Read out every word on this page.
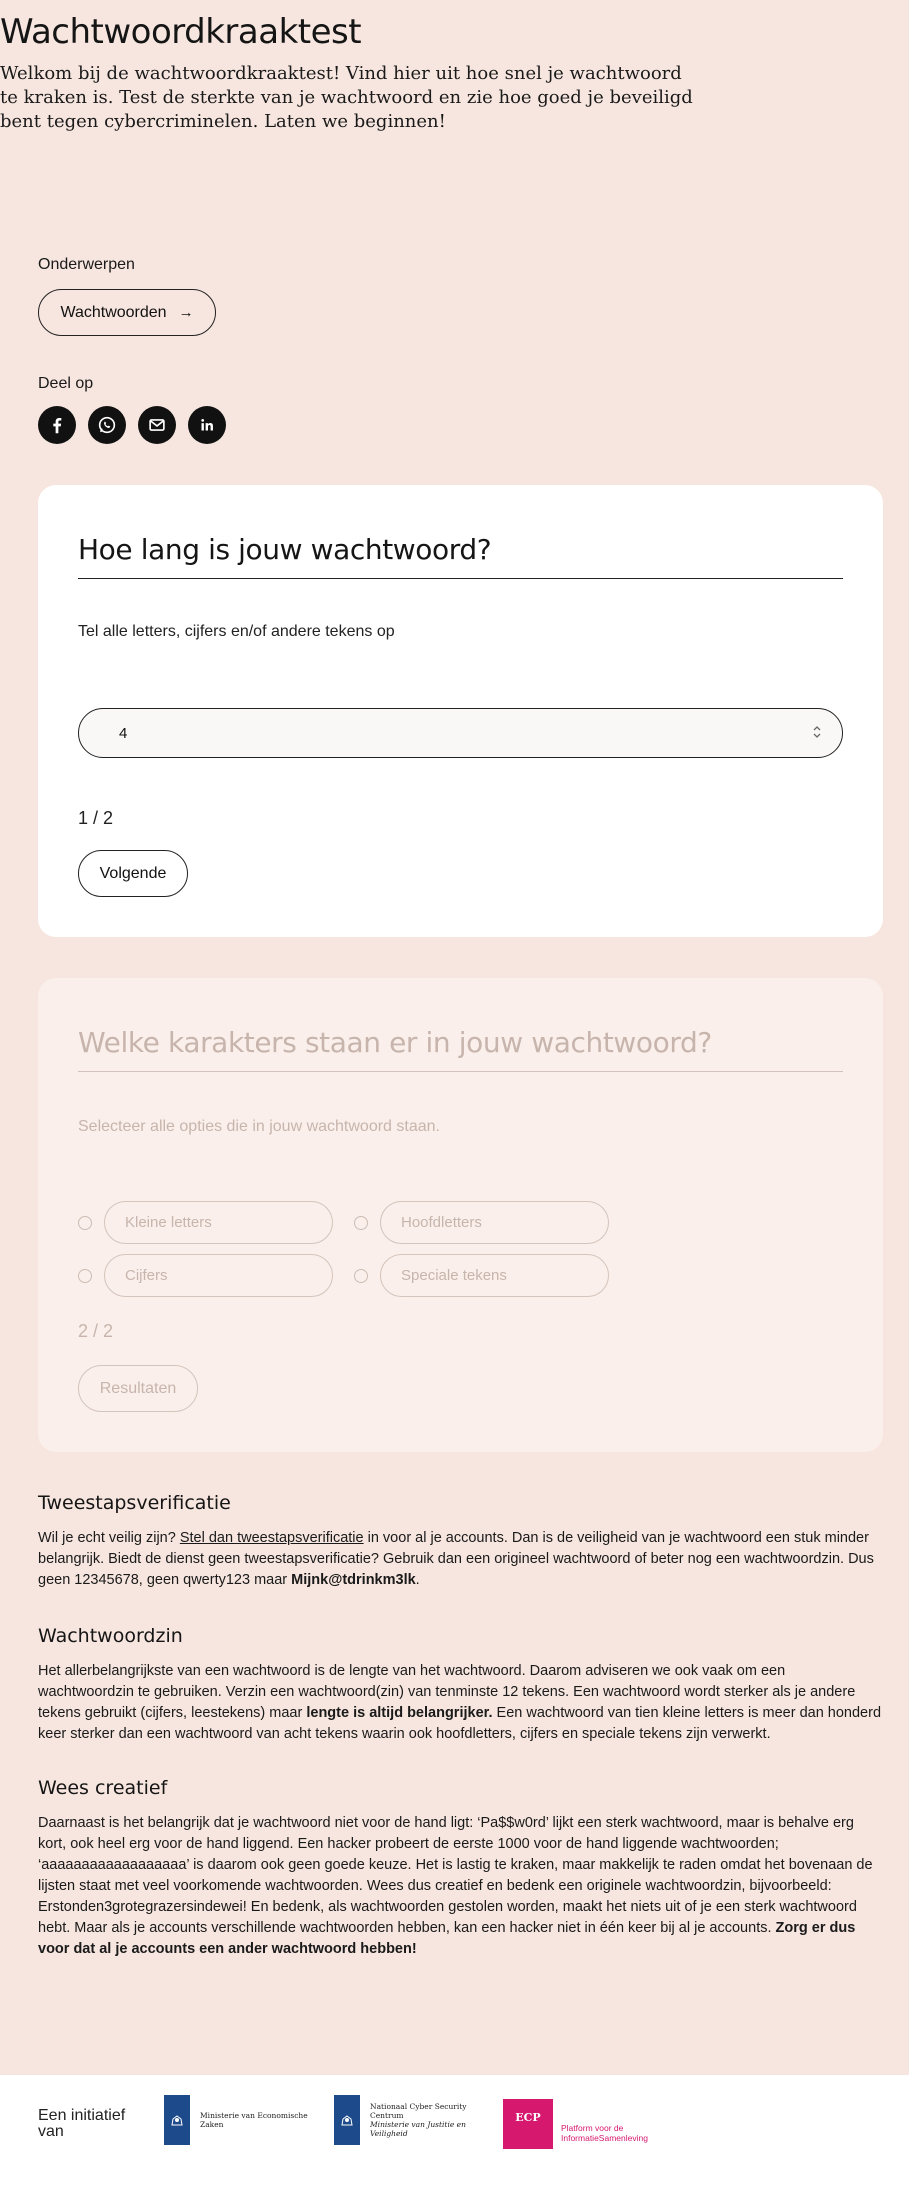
Wachtwoordkraaktest

Welkom bij de wachtwoordkraaktest! Vind hier uit hoe snel je wachtwoord te kraken is. Test de sterkte van je wachtwoord en zie hoe goed je beveiligd bent tegen cybercriminelen. Laten we beginnen!

Onderwerpen
Wachtwoorden →
Deel op
Hoe lang is jouw wachtwoord?

Tel alle letters, cijfers en/of andere tekens op

4
1 / 2
Volgende
Welke karakters staan er in jouw wachtwoord?

Selecteer alle opties die in jouw wachtwoord staan.

Kleine letters	Hoofdletters
Cijfers	Speciale tekens
2 / 2
Resultaten
Tweestapsverificatie

Wil je echt veilig zijn? Stel dan tweestapsverificatie in voor al je accounts. Dan is de veiligheid van je wachtwoord een stuk minder belangrijk. Biedt de dienst geen tweestapsverificatie? Gebruik dan een origineel wachtwoord of beter nog een wachtwoordzin. Dus geen 12345678, geen qwerty123 maar Mijnk@tdrinkm3lk.

Wachtwoordzin

Het allerbelangrijkste van een wachtwoord is de lengte van het wachtwoord. Daarom adviseren we ook vaak om een wachtwoordzin te gebruiken. Verzin een wachtwoord(zin) van tenminste 12 tekens. Een wachtwoord wordt sterker als je andere tekens gebruikt (cijfers, leestekens) maar lengte is altijd belangrijker. Een wachtwoord van tien kleine letters is meer dan honderd keer sterker dan een wachtwoord van acht tekens waarin ook hoofdletters, cijfers en speciale tekens zijn verwerkt.

Wees creatief

Daarnaast is het belangrijk dat je wachtwoord niet voor de hand ligt: ‘Pa$$w0rd’ lijkt een sterk wachtwoord, maar is behalve erg kort, ook heel erg voor de hand liggend. Een hacker probeert de eerste 1000 voor de hand liggende wachtwoorden; ‘aaaaaaaaaaaaaaaaaa’ is daarom ook geen goede keuze. Het is lastig te kraken, maar makkelijk te raden omdat het bovenaan de lijsten staat met veel voorkomende wachtwoorden. Wees dus creatief en bedenk een originele wachtwoordzin, bijvoorbeeld: Erstonden3grotegrazersindewei! En bedenk, als wachtwoorden gestolen worden, maakt het niets uit of je een sterk wachtwoord hebt. Maar als je accounts verschillende wachtwoorden hebben, kan een hacker niet in één keer bij al je accounts. Zorg er dus voor dat al je accounts een ander wachtwoord hebben!

Een initiatief van
Ministerie van Economische Zaken
Nationaal Cyber Security Centrum
Ministerie van Justitie en Veiligheid
ECP
Platform voor de
InformatieSamenleving
